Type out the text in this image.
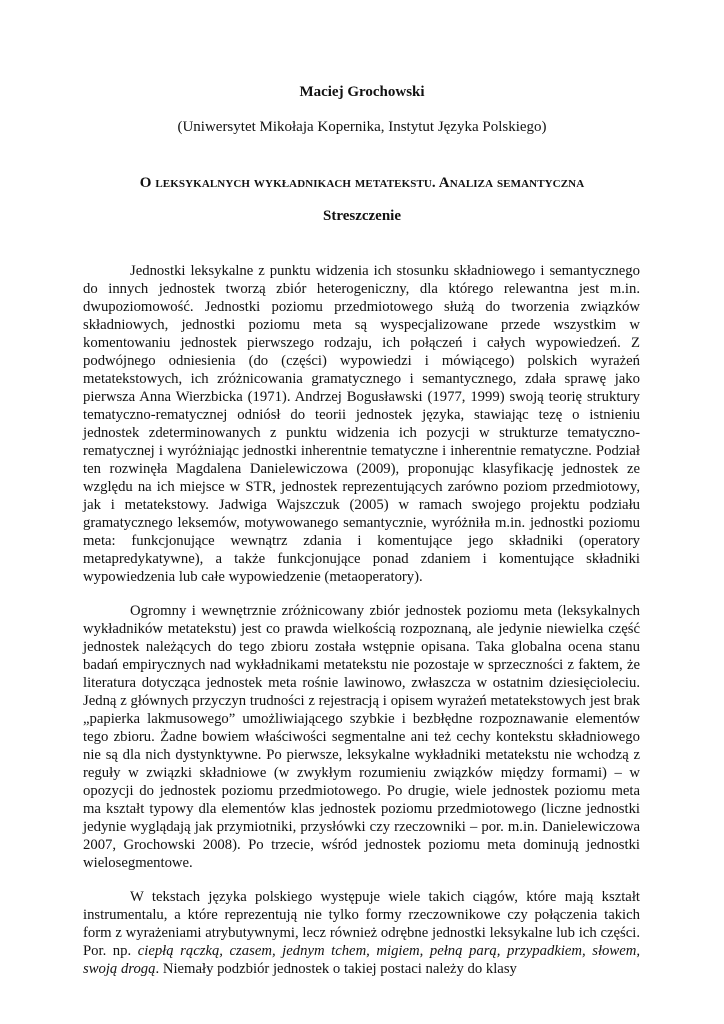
Maciej Grochowski
(Uniwersytet Mikołaja Kopernika, Instytut Języka Polskiego)
O leksykalnych wykładnikach metatekstu. Analiza semantyczna
Streszczenie

Jednostki leksykalne z punktu widzenia ich stosunku składniowego i semantycznego do innych jednostek tworzą zbiór heterogeniczny, dla którego relewantna jest m.in. dwupoziomowość. Jednostki poziomu przedmiotowego służą do tworzenia związków składniowych, jednostki poziomu meta są wyspecjalizowane przede wszystkim w komentowaniu jednostek pierwszego rodzaju, ich połączeń i całych wypowiedzeń. Z podwójnego odniesienia (do (części) wypowiedzi i mówiącego) polskich wyrażeń metatekstowych, ich zróżnicowania gramatycznego i semantycznego, zdała sprawę jako pierwsza Anna Wierzbicka (1971). Andrzej Bogusławski (1977, 1999) swoją teorię struktury tematyczno-rematycznej odniósł do teorii jednostek języka, stawiając tezę o istnieniu jednostek zdeterminowanych z punktu widzenia ich pozycji w strukturze tematyczno-rematycznej i wyróżniając jednostki inherentnie tematyczne i inherentnie rematyczne. Podział ten rozwinęła Magdalena Danielewiczowa (2009), proponując klasyfikację jednostek ze względu na ich miejsce w STR, jednostek reprezentujących zarówno poziom przedmiotowy, jak i metatekstowy. Jadwiga Wajszczuk (2005) w ramach swojego projektu podziału gramatycznego leksemów, motywowanego semantycznie, wyróżniła m.in. jednostki poziomu meta: funkcjonujące wewnątrz zdania i komentujące jego składniki (operatory metapredykatywne), a także funkcjonujące ponad zdaniem i komentujące składniki wypowiedzenia lub całe wypowiedzenie (metaoperatory).

Ogromny i wewnętrznie zróżnicowany zbiór jednostek poziomu meta (leksykalnych wykładników metatekstu) jest co prawda wielkością rozpoznaną, ale jedynie niewielka część jednostek należących do tego zbioru została wstępnie opisana. Taka globalna ocena stanu badań empirycznych nad wykładnikami metatekstu nie pozostaje w sprzeczności z faktem, że literatura dotycząca jednostek meta rośnie lawinowo, zwłaszcza w ostatnim dziesięcioleciu. Jedną z głównych przyczyn trudności z rejestracją i opisem wyrażeń metatekstowych jest brak „papierka lakmusowego” umożliwiającego szybkie i bezbłędne rozpoznawanie elementów tego zbioru. Żadne bowiem właściwości segmentalne ani też cechy kontekstu składniowego nie są dla nich dystynktywne. Po pierwsze, leksykalne wykładniki metatekstu nie wchodzą z reguły w związki składniowe (w zwykłym rozumieniu związków między formami) – w opozycji do jednostek poziomu przedmiotowego. Po drugie, wiele jednostek poziomu meta ma kształt typowy dla elementów klas jednostek poziomu przedmiotowego (liczne jednostki jedynie wyglądają jak przymiotniki, przysłówki czy rzeczowniki – por. m.in. Danielewiczowa 2007, Grochowski 2008). Po trzecie, wśród jednostek poziomu meta dominują jednostki wielosegmentowe.

W tekstach języka polskiego występuje wiele takich ciągów, które mają kształt instrumentalu, a które reprezentują nie tylko formy rzeczownikowe czy połączenia takich form z wyrażeniami atrybutywnymi, lecz również odrębne jednostki leksykalne lub ich części. Por. np. ciepłą rączką, czasem, jednym tchem, migiem, pełną parą, przypadkiem, słowem, swoją drogą. Niemały podzbiór jednostek o takiej postaci należy do klasy
